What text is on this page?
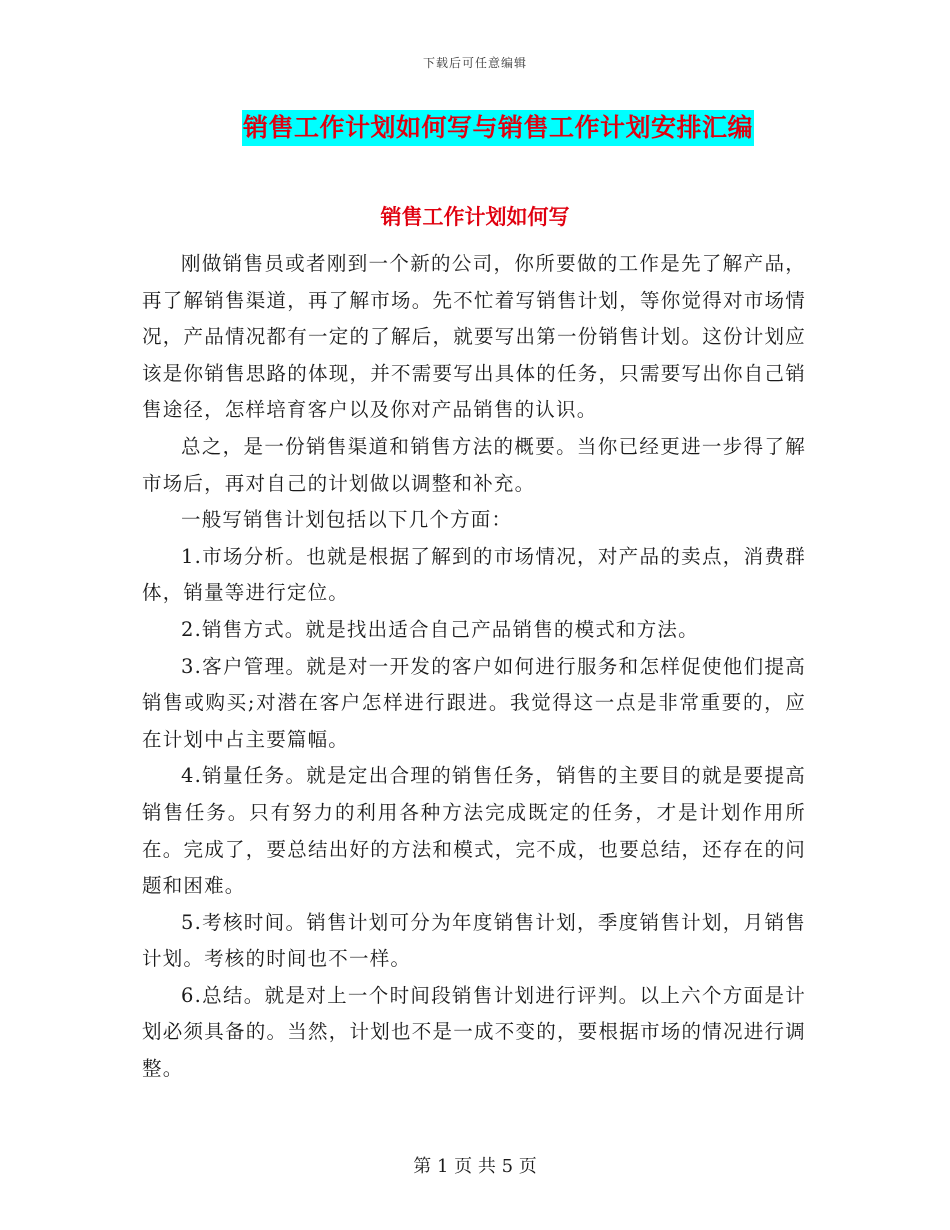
下载后可任意编辑
销售工作计划如何写与销售工作计划安排汇编
销售工作计划如何写

刚做销售员或者刚到一个新的公司，你所要做的工作是先了解产品，再了解销售渠道，再了解市场。先不忙着写销售计划，等你觉得对市场情况，产品情况都有一定的了解后，就要写出第一份销售计划。这份计划应该是你销售思路的体现，并不需要写出具体的任务，只需要写出你自己销售途径，怎样培育客户以及你对产品销售的认识。

总之，是一份销售渠道和销售方法的概要。当你已经更进一步得了解市场后，再对自己的计划做以调整和补充。

一般写销售计划包括以下几个方面：

1.市场分析。也就是根据了解到的市场情况，对产品的卖点，消费群体，销量等进行定位。

2.销售方式。就是找出适合自己产品销售的模式和方法。

3.客户管理。就是对一开发的客户如何进行服务和怎样促使他们提高销售或购买;对潜在客户怎样进行跟进。我觉得这一点是非常重要的，应在计划中占主要篇幅。

4.销量任务。就是定出合理的销售任务，销售的主要目的就是要提高销售任务。只有努力的利用各种方法完成既定的任务，才是计划作用所在。完成了，要总结出好的方法和模式，完不成，也要总结，还存在的问题和困难。

5.考核时间。销售计划可分为年度销售计划，季度销售计划，月销售计划。考核的时间也不一样。

6.总结。就是对上一个时间段销售计划进行评判。以上六个方面是计划必须具备的。当然，计划也不是一成不变的，要根据市场的情况进行调整。

第 1 页 共 5 页
